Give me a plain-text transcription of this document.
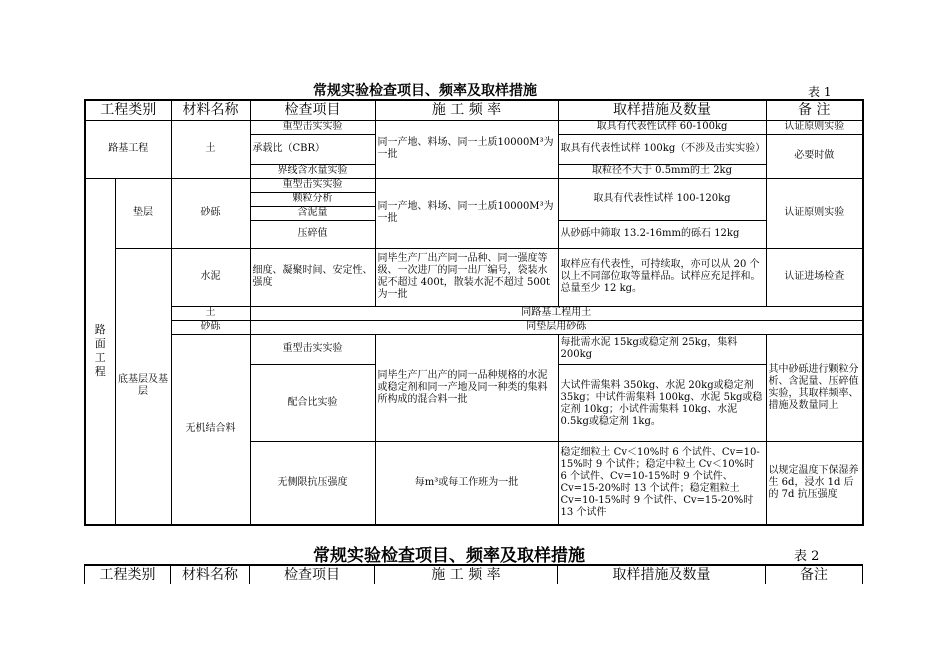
常规实验检查项目、频率及取样措施	表 1
工程类别		材料名称	检查项目	施 工 频 率	取样措施及数量	备 注
路基工程		土	重型击实实验	同一产地、料场、同一土质10000M³为一批	取具有代表性试样 60-100kg	认证原则实验
			承载比（CBR）		取具有代表性试样 100kg（不涉及击实实验）	必要时做
			界线含水量实验		取粒径不大于 0.5mm的土 2kg	

路面工程	垫层	砂砾	重型击实实验	同一产地、料场、同一土质10000M³为一批	取具有代表性试样 100-120kg	认证原则实验
			颗粒分析			
			含泥量			
			压碎值		从砂砾中筛取 13.2-16mm的砾石 12kg	
	底基层及基层	水泥	细度、凝聚时间、安定性、强度	同毕生产厂出产同一品种、同一强度等级、一次进厂的同一出厂编号，袋装水泥不超过 400t，散装水泥不超过 500t 为一批	取样应有代表性，可持续取，亦可以从 20 个以上不同部位取等量样品。试样应充足拌和。总量至少 12 kg。	认证进场检查
		土	同路基工程用土			
		砂砾	同垫层用砂砾			
		无机结合料	重型击实实验	同毕生产厂出产的同一品种规格的水泥或稳定剂和同一产地及同一种类的集料所构成的混合料一批	每批需水泥 15kg或稳定剂 25kg，集料 200kg	其中砂砾进行颗粒分析、含泥量、压碎值实验，其取样频率、措施及数量同上
			配合比实验			
					大试件需集料 350kg、水泥 20kg或稳定剂 35kg；中试件需集料 100kg、水泥 5kg或稳定剂 10kg；小试件需集料 10kg、水泥 0.5kg或稳定剂 1kg。	
			无侧限抗压强度	每m³或每工作班为一批	稳定细粒土 Cv＜10%时 6 个试件、Cv=10-15%时 9 个试件；稳定中粒土 Cv＜10%时 6 个试件、Cv=10-15%时 9 个试件、Cv=15-20%时 13 个试件；稳定粗粒土 Cv=10-15%时 9 个试件、Cv=15-20%时 13 个试件	以规定温度下保湿养生 6d，浸水 1d 后的 7d 抗压强度
常规实验检查项目、频率及取样措施	表 2
工程类别	材料名称	检查项目	施 工 频 率	取样措施及数量	备注
